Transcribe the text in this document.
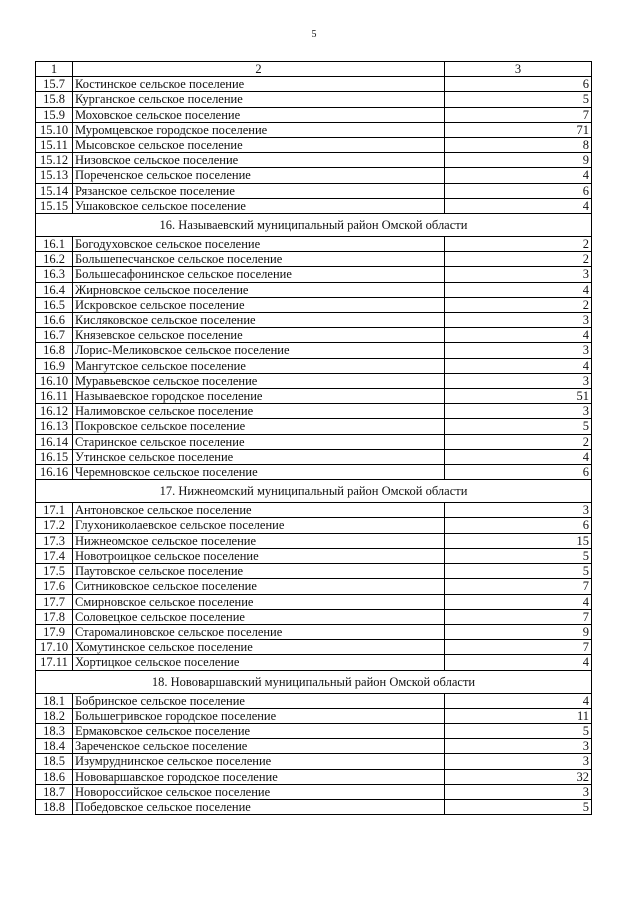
5
1	2	3
15.7	Костинское сельское поселение	6
15.8	Курганское сельское поселение	5
15.9	Моховское сельское поселение	7
15.10	Муромцевское городское поселение	71
15.11	Мысовское сельское поселение	8
15.12	Низовское сельское поселение	9
15.13	Пореченское сельское поселение	4
15.14	Рязанское сельское поселение	6
15.15	Ушаковское сельское поселение	4
16. Называевский муниципальный район Омской области		
16.1	Богодуховское сельское поселение	2
16.2	Большепесчанское сельское поселение	2
16.3	Большесафонинское сельское поселение	3
16.4	Жирновское сельское поселение	4
16.5	Искровское сельское поселение	2
16.6	Кисляковское сельское поселение	3
16.7	Князевское сельское поселение	4
16.8	Лорис-Меликовское сельское поселение	3
16.9	Мангутское сельское поселение	4
16.10	Муравьевское сельское поселение	3
16.11	Называевское городское поселение	51
16.12	Налимовское сельское поселение	3
16.13	Покровское сельское поселение	5
16.14	Старинское сельское поселение	2
16.15	Утинское сельское поселение	4
16.16	Черемновское сельское поселение	6
17. Нижнеомский муниципальный район Омской области		
17.1	Антоновское сельское поселение	3
17.2	Глухониколаевское сельское поселение	6
17.3	Нижнеомское сельское поселение	15
17.4	Новотроицкое сельское поселение	5
17.5	Паутовское сельское поселение	5
17.6	Ситниковское сельское поселение	7
17.7	Смирновское сельское поселение	4
17.8	Соловецкое сельское поселение	7
17.9	Старомалиновское сельское поселение	9
17.10	Хомутинское сельское поселение	7
17.11	Хортицкое сельское поселение	4
18. Нововаршавский муниципальный район Омской области		
18.1	Бобринское сельское поселение	4
18.2	Большегривское городское поселение	11
18.3	Ермаковское сельское поселение	5
18.4	Зареченское сельское поселение	3
18.5	Изумруднинское сельское поселение	3
18.6	Нововаршавское городское поселение	32
18.7	Новороссийское сельское поселение	3
18.8	Победовское сельское поселение	5
